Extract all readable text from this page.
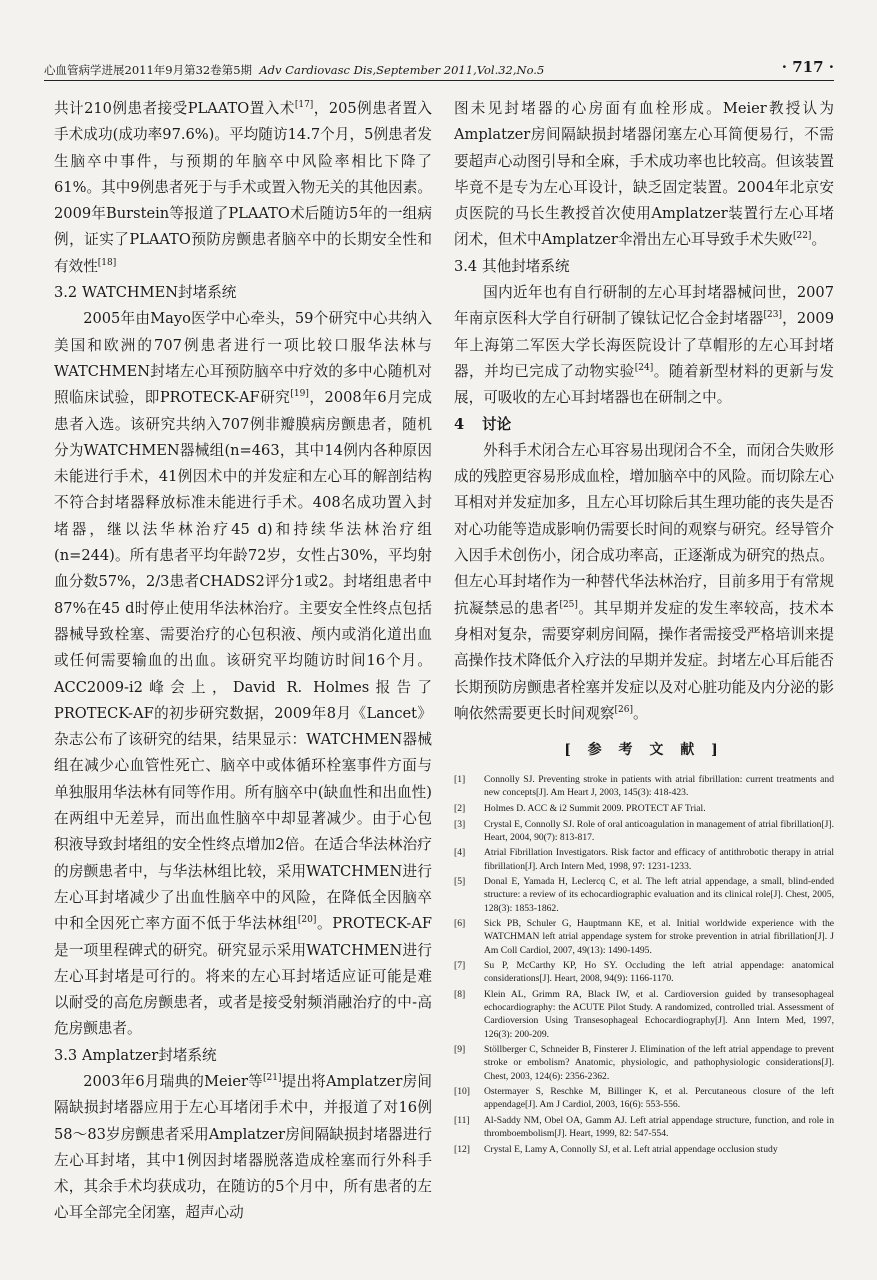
心血管病学进展2011年9月第32卷第5期 Adv Cardiovasc Dis,September 2011,Vol.32,No.5	· 717 ·

共计210例患者接受PLAATO置入术[17]，205例患者置入手术成功(成功率97.6%)。平均随访14.7个月，5例患者发生脑卒中事件，与预期的年脑卒中风险率相比下降了61%。其中9例患者死于与手术或置入物无关的其他因素。2009年Burstein等报道了PLAATO术后随访5年的一组病例，证实了PLAATO预防房颤患者脑卒中的长期安全性和有效性[18]

3.2 WATCHMEN封堵系统

2005年由Mayo医学中心牵头，59个研究中心共纳入美国和欧洲的707例患者进行一项比较口服华法林与WATCHMEN封堵左心耳预防脑卒中疗效的多中心随机对照临床试验，即PROTECK-AF研究[19]，2008年6月完成患者入选。该研究共纳入707例非瓣膜病房颤患者，随机分为WATCHMEN器械组(n=463，其中14例内各种原因未能进行手术，41例因术中的并发症和左心耳的解剖结构不符合封堵器释放标准未能进行手术。408名成功置入封堵器，继以法华林治疗45 d)和持续华法林治疗组(n=244)。所有患者平均年龄72岁，女性占30%，平均射血分数57%，2/3患者CHADS2评分1或2。封堵组患者中87%在45 d时停止使用华法林治疗。主要安全性终点包括器械导致栓塞、需要治疗的心包积液、颅内或消化道出血或任何需要输血的出血。该研究平均随访时间16个月。ACC2009-i2峰会上，David R. Holmes报告了PROTECK-AF的初步研究数据，2009年8月《Lancet》杂志公布了该研究的结果，结果显示：WATCHMEN器械组在减少心血管性死亡、脑卒中或体循环栓塞事件方面与单独服用华法林有同等作用。所有脑卒中(缺血性和出血性)在两组中无差异，而出血性脑卒中却显著减少。由于心包积液导致封堵组的安全性终点增加2倍。在适合华法林治疗的房颤患者中，与华法林组比较，采用WATCHMEN进行左心耳封堵减少了出血性脑卒中的风险，在降低全因脑卒中和全因死亡率方面不低于华法林组[20]。PROTECK-AF是一项里程碑式的研究。研究显示采用WATCHMEN进行左心耳封堵是可行的。将来的左心耳封堵适应证可能是难以耐受的高危房颤患者，或者是接受射频消融治疗的中-高危房颤患者。

3.3 Amplatzer封堵系统

2003年6月瑞典的Meier等[21]提出将Amplatzer房间隔缺损封堵器应用于左心耳堵闭手术中，并报道了对16例58～83岁房颤患者采用Amplatzer房间隔缺损封堵器进行左心耳封堵，其中1例因封堵器脱落造成栓塞而行外科手术，其余手术均获成功，在随访的5个月中，所有患者的左心耳全部完全闭塞，超声心动

图未见封堵器的心房面有血栓形成。Meier教授认为Amplatzer房间隔缺损封堵器闭塞左心耳简便易行，不需要超声心动图引导和全麻，手术成功率也比较高。但该装置毕竟不是专为左心耳设计，缺乏固定装置。2004年北京安贞医院的马长生教授首次使用Amplatzer装置行左心耳堵闭术，但术中Amplatzer伞滑出左心耳导致手术失败[22]。

3.4 其他封堵系统

国内近年也有自行研制的左心耳封堵器械问世，2007年南京医科大学自行研制了镍钛记忆合金封堵器[23]，2009年上海第二军医大学长海医院设计了草帽形的左心耳封堵器，并均已完成了动物实验[24]。随着新型材料的更新与发展，可吸收的左心耳封堵器也在研制之中。

4 讨论

外科手术闭合左心耳容易出现闭合不全，而闭合失败形成的残腔更容易形成血栓，增加脑卒中的风险。而切除左心耳相对并发症加多，且左心耳切除后其生理功能的丧失是否对心功能等造成影响仍需要长时间的观察与研究。经导管介入因手术创伤小，闭合成功率高，正逐渐成为研究的热点。但左心耳封堵作为一种替代华法林治疗，目前多用于有常规抗凝禁忌的患者[25]。其早期并发症的发生率较高，技术本身相对复杂，需要穿刺房间隔，操作者需接受严格培训来提高操作技术降低介入疗法的早期并发症。封堵左心耳后能否长期预防房颤患者栓塞并发症以及对心脏功能及内分泌的影响依然需要更长时间观察[26]。

[ 参 考 文 献 ]
[1] Connolly SJ. Preventing stroke in patients with atrial fibrillation: current treatments and new concepts[J]. Am Heart J, 2003, 145(3): 418-423.
[2] Holmes D. ACC & i2 Summit 2009. PROTECT AF Trial.
[3] Crystal E, Connolly SJ. Role of oral anticoagulation in management of atrial fibrillation[J]. Heart, 2004, 90(7): 813-817.
[4] Atrial Fibrillation Investigators. Risk factor and efficacy of antithrobotic therapy in atrial fibrillation[J]. Arch Intern Med, 1998, 97: 1231-1233.
[5] Donal E, Yamada H, Leclercq C, et al. The left atrial appendage, a small, blind-ended structure: a review of its echocardiographic evaluation and its clinical role[J]. Chest, 2005, 128(3): 1853-1862.
[6] Sick PB, Schuler G, Hauptmann KE, et al. Initial worldwide experience with the WATCHMAN left atrial appendage system for stroke prevention in atrial fibrillation[J]. J Am Coll Cardiol, 2007, 49(13): 1490-1495.
[7] Su P, McCarthy KP, Ho SY. Occluding the left atrial appendage: anatomical considerations[J]. Heart, 2008, 94(9): 1166-1170.
[8] Klein AL, Grimm RA, Black IW, et al. Cardioversion guided by transesophageal echocardiography: the ACUTE Pilot Study. A randomized, controlled trial. Assessment of Cardioversion Using Transesophageal Echocardiography[J]. Ann Intern Med, 1997, 126(3): 200-209.
[9] Stöllberger C, Schneider B, Finsterer J. Elimination of the left atrial appendage to prevent stroke or embolism? Anatomic, physiologic, and pathophysiologic considerations[J]. Chest, 2003, 124(6): 2356-2362.
[10] Ostermayer S, Reschke M, Billinger K, et al. Percutaneous closure of the left appendage[J]. Am J Cardiol, 2003, 16(6): 553-556.
[11] Al-Saddy NM, Obel OA, Gamm AJ. Left atrial appendage structure, function, and role in thromboembolism[J]. Heart, 1999, 82: 547-554.
[12] Crystal E, Lamy A, Connolly SJ, et al. Left atrial appendage occlusion study
